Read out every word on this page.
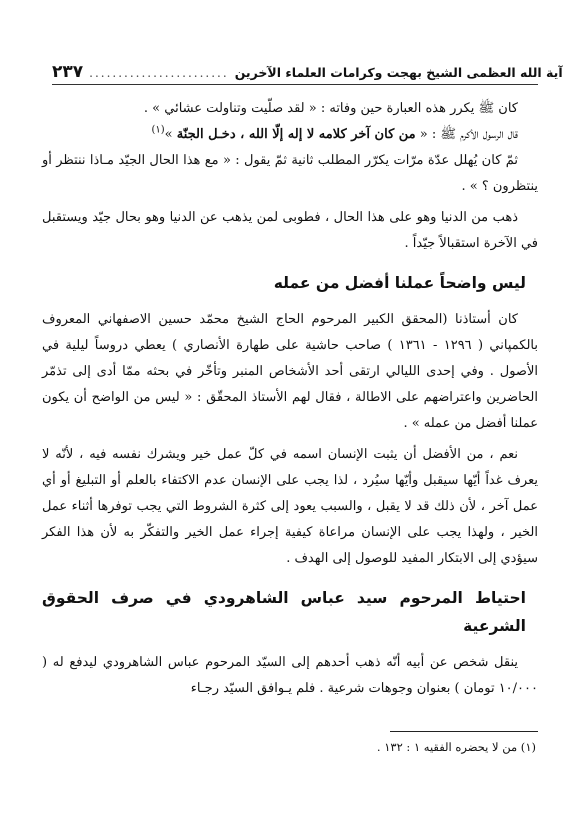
۲۳۷ ........................ آية الله العظمى الشيخ بهجت وكرامات العلماء الآخرين

كان ﷺ يكرر هذه العبارة حين وفاته : « لقد صلّيت وتناولت عشائي » .

قال الرسول الأكرم ﷺ : « من كان آخر كلامه لا إله إلّا الله ، دخـل الجنّة »$^{(١)}$

ثمّ كان يُهلل عدّة مرّات يكرّر المطلب ثانية ثمّ يقول : « مع هذا الحال الجيّد مـاذا ننتظر أو ينتظرون ؟ » .

ذهب من الدنيا وهو على هذا الحال ، فطوبى لمن يذهب عن الدنيا وهو بحال جيّد ويستقبل في الآخرة استقبالاً جيّداً .

ليس واضحاً عملنا أفضل من عمله

كان أستاذنا (المحقق الكبير المرحوم الحاج الشيخ محمّد حسين الاصفهاني المعروف بالكمپاني ( ١٢٩٦ - ١٣٦١ ) صاحب حاشية على طهارة الأنصاري ) يعطي دروساً ليلية في الأصول . وفي إحدى الليالي ارتقى أحد الأشخاص المنبر وتأخّر في بحثه ممّا أدى إلى تذمّر الحاضرين واعتراضهم على الاطالة ، فقال لهم الأستاذ المحقّق : « ليس من الواضح أن يكون عملنا أفضل من عمله » .

نعم ، من الأفضل أن يثبت الإنسان اسمه في كلّ عمل خير ويشرك نفسه فيه ، لأنّه لا يعرف غداً أيّها سيقبل وأيّها سيُرد ، لذا يجب على الإنسان عدم الاكتفاء بالعلم أو التبليغ أو أي عمل آخر ، لأن ذلك قد لا يقبل ، والسبب يعود إلى كثرة الشروط التي يجب توفرها أثناء عمل الخير ، ولهذا يجب على الإنسان مراعاة كيفية إجراء عمل الخير والتفكّر به لأن هذا الفكر سيؤدي إلى الابتكار المفيد للوصول إلى الهدف .

احتياط المرحوم سيد عباس الشاهرودي في صرف الحقوق الشرعية

ينقل شخص عن أبيه أنّه ذهب أحدهم إلى السيّد المرحوم عباس الشاهرودي ليدفع له ( ١٠/٠٠٠ تومان ) بعنوان وجوهات شرعية . فلم يـوافق السيّد رجـاء

(١) من لا يحضره الفقيه ١ : ١٣٢ .
